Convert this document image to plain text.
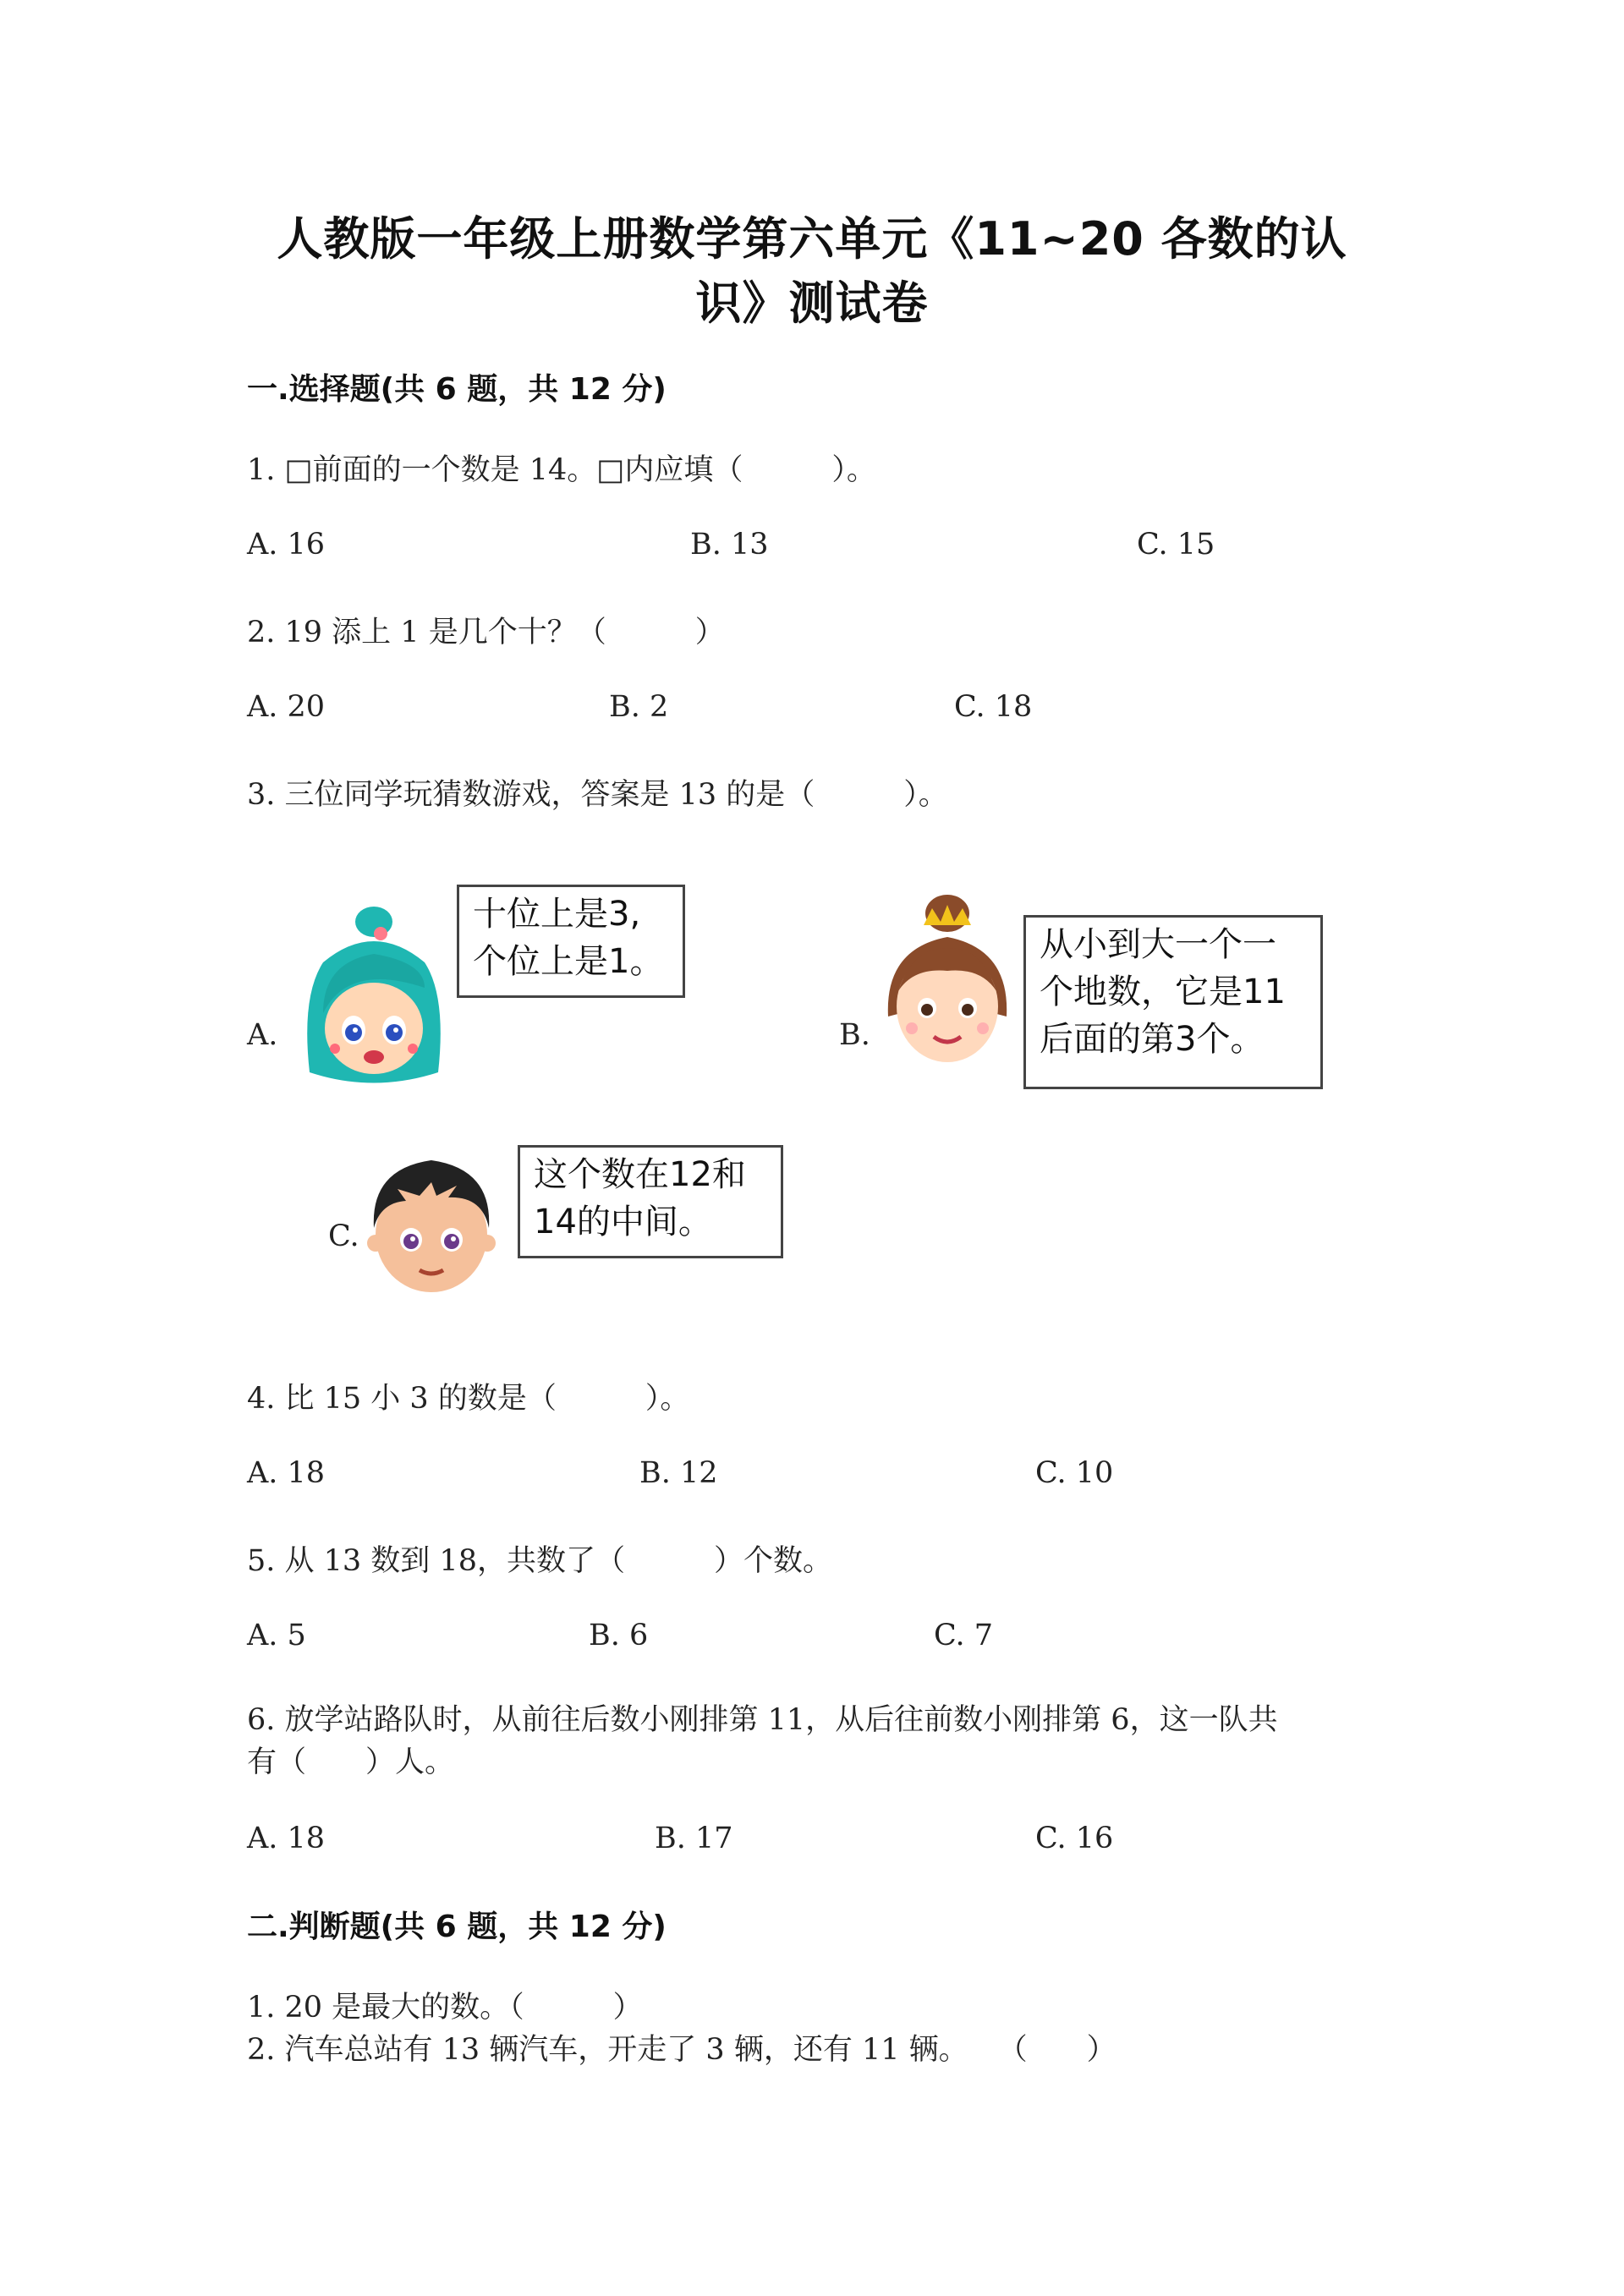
人教版一年级上册数学第六单元《11~20 各数的认
识》测试卷
一.选择题(共 6 题，共 12 分)
1. □前面的一个数是 14。□内应填（　　　）。
A. 16	B. 13	C. 15
2. 19 添上 1 是几个十？（　　　）
A. 20	B. 2	C. 18
3. 三位同学玩猜数游戏，答案是 13 的是（　　　）。
A.
十位上是3,
个位上是1。
B.
从小到大一个一
个地数，它是11
后面的第3个。
C.
这个数在12和
14的中间。
4. 比 15 小 3 的数是（　　　）。
A. 18	B. 12	C. 10
5. 从 13 数到 18，共数了（　　　）个数。
A. 5	B. 6	C. 7
6. 放学站路队时，从前往后数小刚排第 11，从后往前数小刚排第 6，这一队共
有（　　）人。
A. 18	B. 17	C. 16
二.判断题(共 6 题，共 12 分)
1. 20 是最大的数。（　　　）
2. 汽车总站有 13 辆汽车，开走了 3 辆，还有 11 辆。　　（　　）
